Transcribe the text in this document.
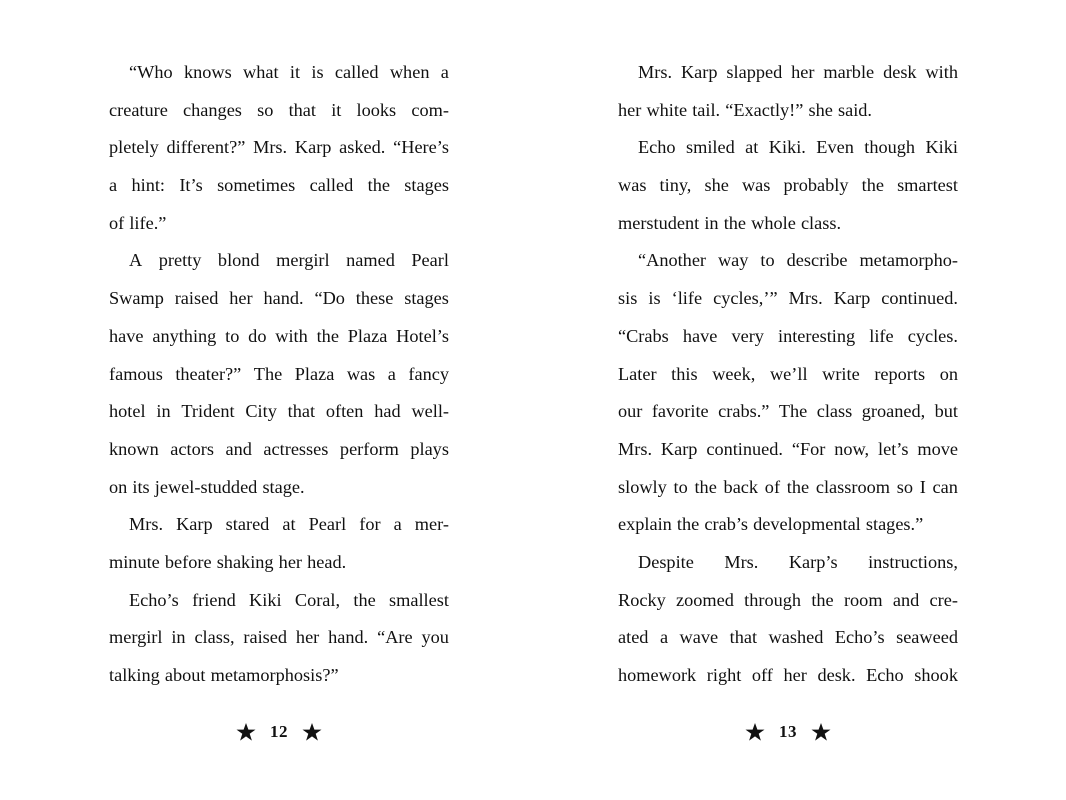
“Who knows what it is called when a
creature changes so that it looks com-
pletely different?” Mrs. Karp asked. “Here’s
a hint: It’s sometimes called the stages
of life.”
A pretty blond mergirl named Pearl
Swamp raised her hand. “Do these stages
have anything to do with the Plaza Hotel’s
famous theater?” The Plaza was a fancy
hotel in Trident City that often had well-
known actors and actresses perform plays
on its jewel-studded stage.
Mrs. Karp stared at Pearl for a mer-
minute before shaking her head.
Echo’s friend Kiki Coral, the smallest
mergirl in class, raised her hand. “Are you
talking about metamorphosis?”
Mrs. Karp slapped her marble desk with
her white tail. “Exactly!” she said.
Echo smiled at Kiki. Even though Kiki
was tiny, she was probably the smartest
merstudent in the whole class.
“Another way to describe metamorpho-
sis is ‘life cycles,’” Mrs. Karp continued.
“Crabs have very interesting life cycles.
Later this week, we’ll write reports on
our favorite crabs.” The class groaned, but
Mrs. Karp continued. “For now, let’s move
slowly to the back of the classroom so I can
explain the crab’s developmental stages.”
Despite Mrs. Karp’s instructions,
Rocky zoomed through the room and cre-
ated a wave that washed Echo’s seaweed
homework right off her desk. Echo shook
12	13
